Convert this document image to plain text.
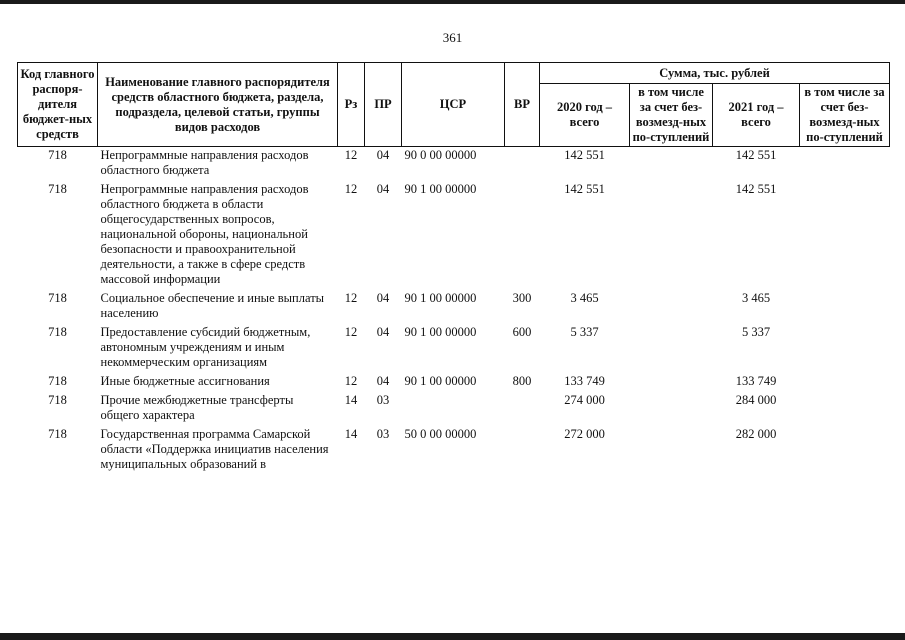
361
Код главного распоря-дителя бюджет-ных средств	Наименование главного распорядителя средств областного бюджета, раздела, подраздела, целевой статьи, группы видов расходов	Рз	ПР	ЦСР	ВР	Сумма, тыс. рублей			
						2020 год – всего	в том числе за счет без-возмезд-ных по-ступлений	2021 год – всего	в том числе за счет без-возмезд-ных по-ступлений
718	Непрограммные направления расходов областного бюджета	12	04	90 0 00 00000		142 551		142 551	
718	Непрограммные направления расходов областного бюджета в области общегосударственных вопросов, национальной обороны, национальной безопасности и правоохранительной деятельности, а также в сфере средств массовой информации	12	04	90 1 00 00000		142 551		142 551	
718	Социальное обеспечение и иные выплаты населению	12	04	90 1 00 00000	300	3 465		3 465	
718	Предоставление субсидий бюджетным, автономным учреждениям и иным некоммерческим организациям	12	04	90 1 00 00000	600	5 337		5 337	
718	Иные бюджетные ассигнования	12	04	90 1 00 00000	800	133 749		133 749	
718	Прочие межбюджетные трансферты общего характера	14	03			274 000		284 000	
718	Государственная программа Самарской области «Поддержка инициатив населения муниципальных образований в	14	03	50 0 00 00000		272 000		282 000	
